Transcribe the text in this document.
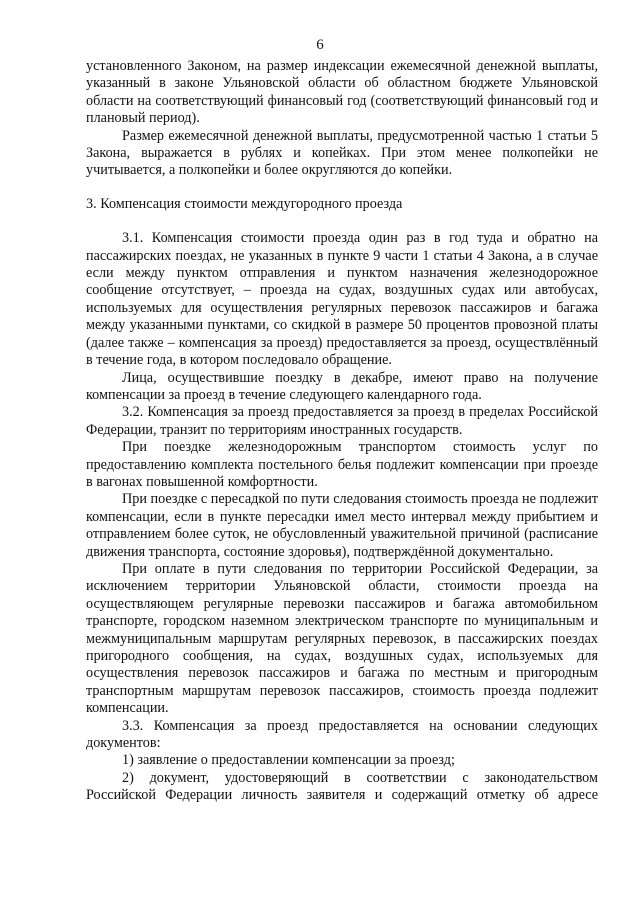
6

установленного Законом, на размер индексации ежемесячной денежной выплаты, указанный в законе Ульяновской области об областном бюджете Ульяновской области на соответствующий финансовый год (соответствующий финансовый год и плановый период).

Размер ежемесячной денежной выплаты, предусмотренной частью 1 статьи 5 Закона, выражается в рублях и копейках. При этом менее полкопейки не учитывается, а полкопейки и более округляются до копейки.

3. Компенсация стоимости междугородного проезда

3.1. Компенсация стоимости проезда один раз в год туда и обратно на пассажирских поездах, не указанных в пункте 9 части 1 статьи 4 Закона, а в случае если между пунктом отправления и пунктом назначения железнодорожное сообщение отсутствует, – проезда на судах, воздушных судах или автобусах, используемых для осуществления регулярных перевозок пассажиров и багажа между указанными пунктами, со скидкой в размере 50 процентов провозной платы (далее также – компенсация за проезд) предоставляется за проезд, осуществлённый в течение года, в котором последовало обращение.

Лица, осуществившие поездку в декабре, имеют право на получение компенсации за проезд в течение следующего календарного года.

3.2. Компенсация за проезд предоставляется за проезд в пределах Российской Федерации, транзит по территориям иностранных государств.

При поездке железнодорожным транспортом стоимость услуг по предоставлению комплекта постельного белья подлежит компенсации при проезде в вагонах повышенной комфортности.

При поездке с пересадкой по пути следования стоимость проезда не подлежит компенсации, если в пункте пересадки имел место интервал между прибытием и отправлением более суток, не обусловленный уважительной причиной (расписание движения транспорта, состояние здоровья), подтверждённой документально.

При оплате в пути следования по территории Российской Федерации, за исключением территории Ульяновской области, стоимости проезда на осуществляющем регулярные перевозки пассажиров и багажа автомобильном транспорте, городском наземном электрическом транспорте по муниципальным и межмуниципальным маршрутам регулярных перевозок, в пассажирских поездах пригородного сообщения, на судах, воздушных судах, используемых для осуществления перевозок пассажиров и багажа по местным и пригородным транспортным маршрутам перевозок пассажиров, стоимость проезда подлежит компенсации.

3.3. Компенсация за проезд предоставляется на основании следующих документов:

1) заявление о предоставлении компенсации за проезд;

2) документ, удостоверяющий в соответствии с законодательством Российской Федерации личность заявителя и содержащий отметку об адресе
